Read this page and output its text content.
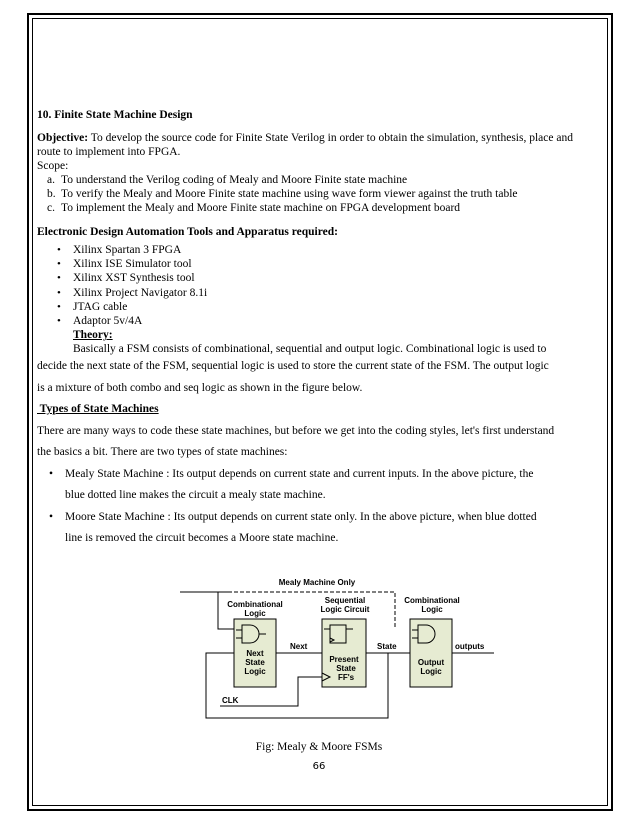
10. Finite State Machine Design

Objective: To develop the source code for Finite State Verilog in order to obtain the simulation, synthesis, place and route to implement into FPGA.

Scope:
a. To understand the Verilog coding of Mealy and Moore Finite state machine
b. To verify the Mealy and Moore Finite state machine using wave form viewer against the truth table
c. To implement the Mealy and Moore Finite state machine on FPGA development board
Electronic Design Automation Tools and Apparatus required:
• Xilinx Spartan 3 FPGA
• Xilinx ISE Simulator tool
• Xilinx XST Synthesis tool
• Xilinx Project Navigator 8.1i
• JTAG cable
• Adaptor 5v/4A
Theory:
Basically a FSM consists of combinational, sequential and output logic. Combinational logic is used to
decide the next state of the FSM, sequential logic is used to store the current state of the FSM. The output logic
is a mixture of both combo and seq logic as shown in the figure below.
Types of State Machines
There are many ways to code these state machines, but before we get into the coding styles, let's first understand
the basics a bit. There are two types of state machines:
• Mealy State Machine : Its output depends on current state and current inputs. In the above picture, the
blue dotted line makes the circuit a mealy state machine.
• Moore State Machine : Its output depends on current state only. In the above picture, when blue dotted
line is removed the circuit becomes a Moore state machine.
Mealy Machine Only
Combinational
Logic
Sequential
Logic Circuit
Combinational
Logic
Next
State
Logic
Next
Present
State
FF's
State
Output
Logic
outputs
CLK
Fig: Mealy & Moore FSMs
66
